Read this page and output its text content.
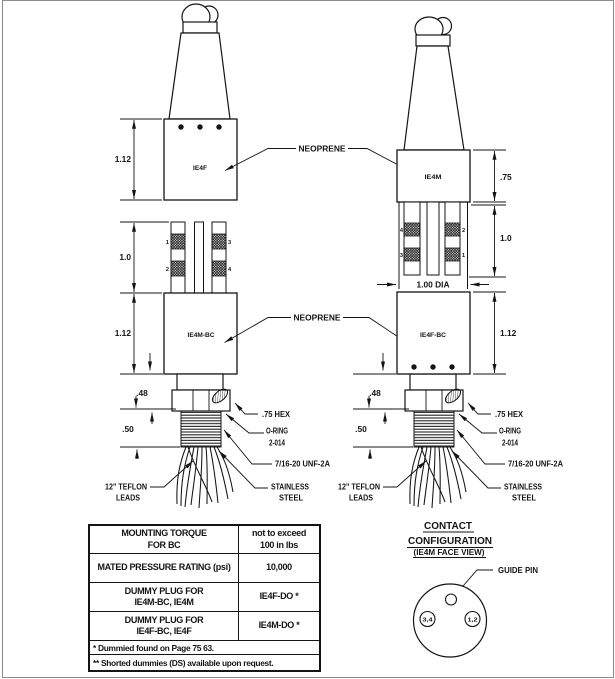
1
2
3
4
IE4F
IE4M-BC
1.12
1.0
1.12
.48
.50
.75 HEX
O-RING
2-014
7/16-20 UNF-2A
STAINLESS
STEEL
12" TEFLON
LEADS
NEOPRENE
NEOPRENE
4
3
2
1
IE4M
IE4F-BC
.75
1.0
1.00 DIA
1.12
CONTACT
CONFIGURATION
(IE4M FACE VIEW)
GUIDE PIN
3,4	1,2
MOUNTING TORQUE
FOR BC
not to exceed
100 in lbs
MATED PRESSURE RATING (psi)	10,000
DUMMY PLUG FOR
IE4M-BC, IE4M
IE4F-DO *
DUMMY PLUG FOR
IE4F-BC, IE4F
IE4M-DO *
* Dummied found on Page 75 63.
** Shorted dummies (DS) available upon request.
